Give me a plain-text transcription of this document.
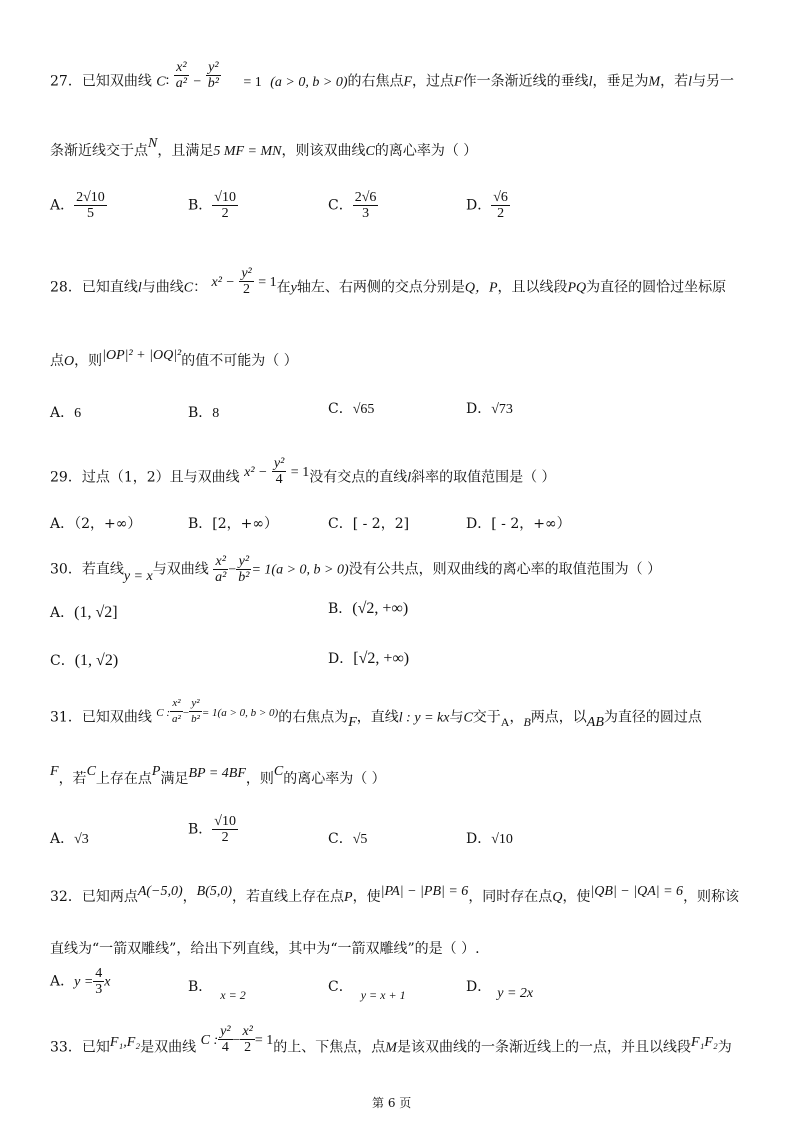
27．已知双曲线 C∶ $\frac{\text{x²}}{\text{a²}} - \frac{\text{y²}}{\text{b²}} = 1$ (a > 0, b > 0)的右焦点F，过点F作一条渐近线的垂线l，垂足为M，若l与另一
条渐近线交于点N，且满足5 MF = MN，则该双曲线C的离心率为（ ）
A． $\frac{2√10}{5}$	B． $\frac{√10}{2}$	C． $\frac{2√6}{3}$	D． $\frac{√6}{2}$
28．已知直线l与曲线C： $x^2 - \frac{\text{y²}}{2} = 1$在y轴左、右两侧的交点分别是Q，P，且以线段PQ为直径的圆恰过坐标原
点O，则|OP|² + |OQ|²的值不可能为（ ）
A．6	B．8	C．√65	D．√73
29．过点（1，2）且与双曲线 $x^2 - \frac{\text{y²}}{4} = 1$没有交点的直线l斜率的取值范围是（ ）
A．（2，+∞）	B．[2，+∞）	C．[ - 2，2]	D．[ - 2，+∞）
30．若直线y = x与双曲线 $\frac{\text{x²}}{\text{a²}} - \frac{\text{y²}}{\text{b²}} = 1(a > 0$, b > 0)没有公共点，则双曲线的离心率的取值范围为（ ）
A．(1, √2]	B．(√2, +∞)
C．(1, √2)	D．[√2, +∞)
31．已知双曲线 $^{C :} \frac{\text{x²}}{\text{a²}} ^- \frac{\text{y²}}{\text{b²}} ^{= 1(a > 0, b > 0)}$的右焦点为F，直线l : y = kx与C交于A，B两点，以AB为直径的圆过点
F，若C上存在点P满足BP = 4BF，则C的离心率为（ ）
A．√3
B． $\frac{√10}{2}$	C．√5	D．√10
32．已知两点A(−5,0)，B(5,0)，若直线上存在点P，使|PA| − |PB| = 6，同时存在点Q，使|QB| − |QA| = 6，则称该
直线为“一箭双雕线”，给出下列直线，其中为“一箭双雕线”的是（ ）.
A．$y = \frac{4}{3}$ x	B． x = 2	C． y = x + 1	D． y = 2x
33．已知F₁,F₂是双曲线 C : $\frac{\text{y²}}{4} - \frac{\text{x²}}{2} = 1$的上、下焦点，点M是该双曲线的一条渐近线上的一点，并且以线段F₁F₂为
第 6 页
